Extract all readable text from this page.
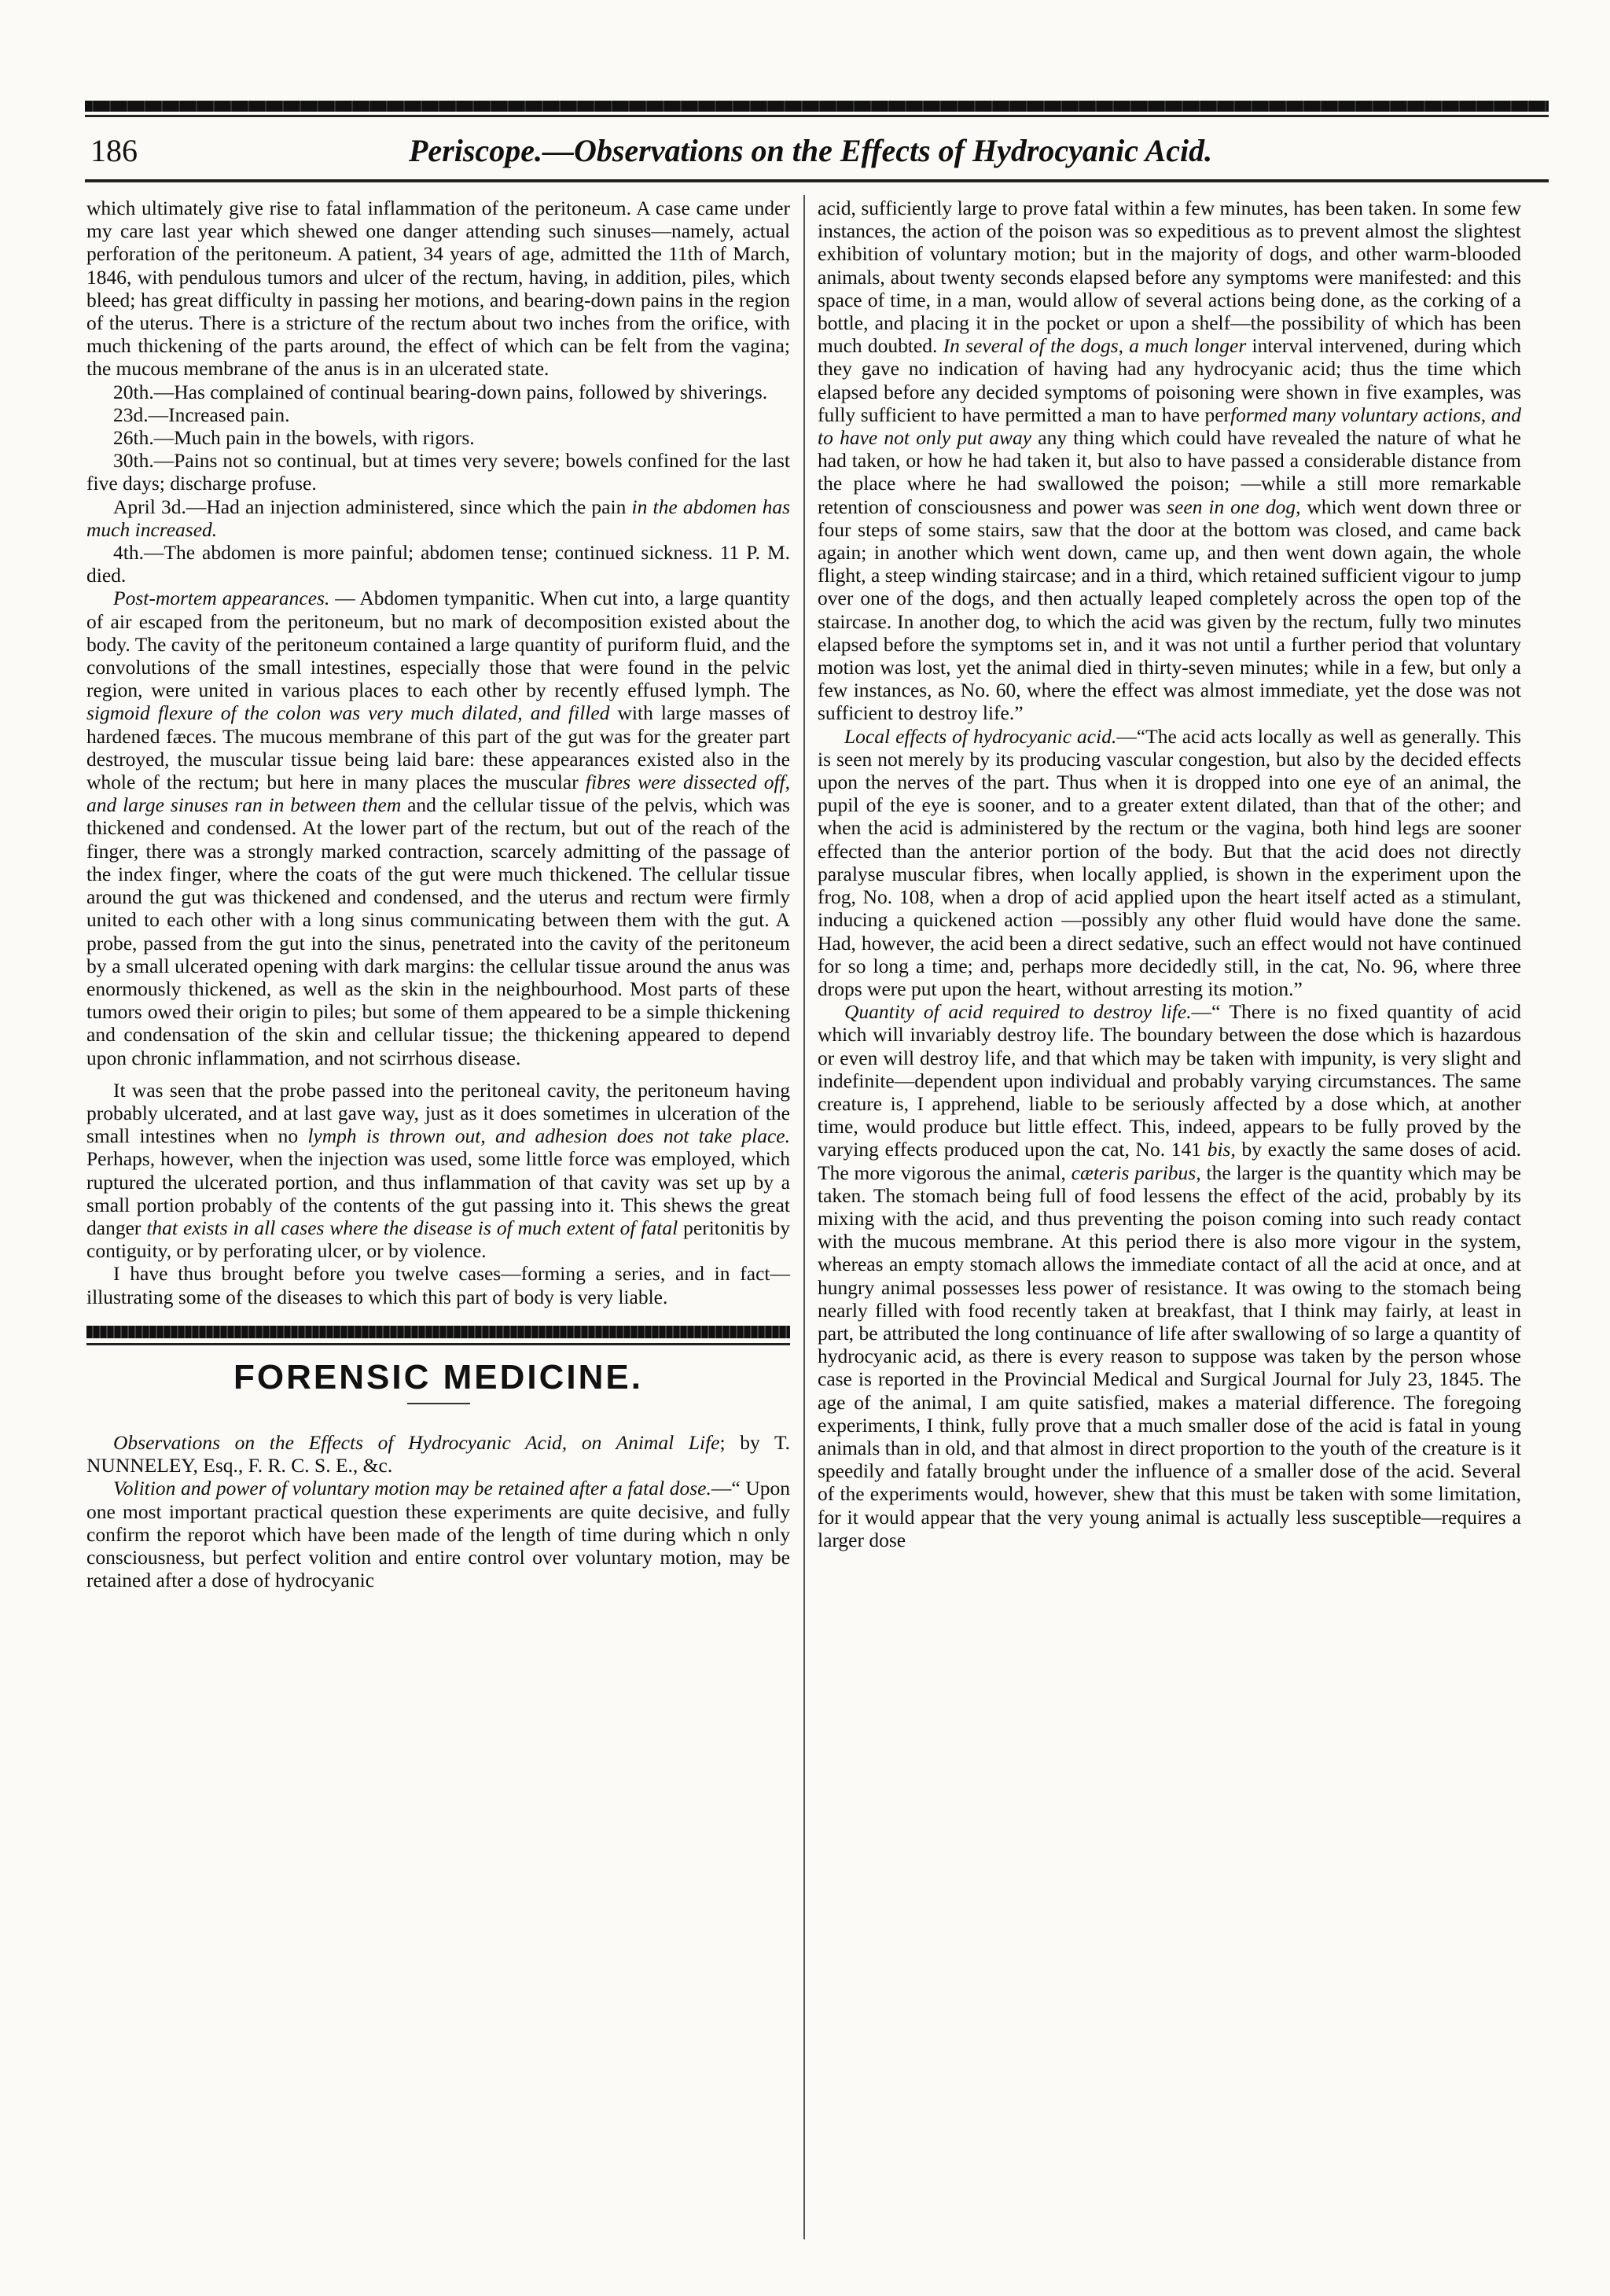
186	Periscope.—Observations on the Effects of Hydrocyanic Acid.

which ultimately give rise to fatal inflammation of the peritoneum. A case came under my care last year which shewed one danger attending such sinuses—namely, actual perforation of the peritoneum. A patient, 34 years of age, admitted the 11th of March, 1846, with pendulous tumors and ulcer of the rectum, having, in addition, piles, which bleed; has great difficulty in passing her motions, and bearing-down pains in the region of the uterus. There is a stricture of the rectum about two inches from the orifice, with much thickening of the parts around, the effect of which can be felt from the vagina; the mucous membrane of the anus is in an ulcerated state.

20th.—Has complained of continual bearing-down pains, followed by shiverings.

23d.—Increased pain.

26th.—Much pain in the bowels, with rigors.

30th.—Pains not so continual, but at times very severe; bowels confined for the last five days; discharge profuse.

April 3d.—Had an injection administered, since which the pain in the abdomen has much increased.

4th.—The abdomen is more painful; abdomen tense; continued sickness. 11 P. M. died.

Post-mortem appearances. — Abdomen tympanitic. When cut into, a large quantity of air escaped from the peritoneum, but no mark of decomposition existed about the body. The cavity of the peritoneum contained a large quantity of puriform fluid, and the convolutions of the small intestines, especially those that were found in the pelvic region, were united in various places to each other by recently effused lymph. The sigmoid flexure of the colon was very much dilated, and filled with large masses of hardened fæces. The mucous membrane of this part of the gut was for the greater part destroyed, the muscular tissue being laid bare: these appearances existed also in the whole of the rectum; but here in many places the muscular fibres were dissected off, and large sinuses ran in between them and the cellular tissue of the pelvis, which was thickened and condensed. At the lower part of the rectum, but out of the reach of the finger, there was a strongly marked contraction, scarcely admitting of the passage of the index finger, where the coats of the gut were much thickened. The cellular tissue around the gut was thickened and condensed, and the uterus and rectum were firmly united to each other with a long sinus communicating between them with the gut. A probe, passed from the gut into the sinus, penetrated into the cavity of the peritoneum by a small ulcerated opening with dark margins: the cellular tissue around the anus was enormously thickened, as well as the skin in the neighbourhood. Most parts of these tumors owed their origin to piles; but some of them appeared to be a simple thickening and condensation of the skin and cellular tissue; the thickening appeared to depend upon chronic inflammation, and not scirrhous disease.

It was seen that the probe passed into the peritoneal cavity, the peritoneum having probably ulcerated, and at last gave way, just as it does sometimes in ulceration of the small intestines when no lymph is thrown out, and adhesion does not take place. Perhaps, however, when the injection was used, some little force was employed, which ruptured the ulcerated portion, and thus inflammation of that cavity was set up by a small portion probably of the contents of the gut passing into it. This shews the great danger that exists in all cases where the disease is of much extent of fatal peritonitis by contiguity, or by perforating ulcer, or by violence.

I have thus brought before you twelve cases—forming a series, and in fact—illustrating some of the diseases to which this part of body is very liable.

FORENSIC MEDICINE.

Observations on the Effects of Hydrocyanic Acid, on Animal Life; by T. NUNNELEY, Esq., F. R. C. S. E., &c.

Volition and power of voluntary motion may be retained after a fatal dose.—“ Upon one most important practical question these experiments are quite decisive, and fully confirm the reporot which have been made of the length of time during which n only consciousness, but perfect volition and entire control over voluntary motion, may be retained after a dose of hydrocyanic

acid, sufficiently large to prove fatal within a few minutes, has been taken. In some few instances, the action of the poison was so expeditious as to prevent almost the slightest exhibition of voluntary motion; but in the majority of dogs, and other warm-blooded animals, about twenty seconds elapsed before any symptoms were manifested: and this space of time, in a man, would allow of several actions being done, as the corking of a bottle, and placing it in the pocket or upon a shelf—the possibility of which has been much doubted. In several of the dogs, a much longer interval intervened, during which they gave no indication of having had any hydrocyanic acid; thus the time which elapsed before any decided symptoms of poisoning were shown in five examples, was fully sufficient to have permitted a man to have performed many voluntary actions, and to have not only put away any thing which could have revealed the nature of what he had taken, or how he had taken it, but also to have passed a considerable distance from the place where he had swallowed the poison; —while a still more remarkable retention of consciousness and power was seen in one dog, which went down three or four steps of some stairs, saw that the door at the bottom was closed, and came back again; in another which went down, came up, and then went down again, the whole flight, a steep winding staircase; and in a third, which retained sufficient vigour to jump over one of the dogs, and then actually leaped completely across the open top of the staircase. In another dog, to which the acid was given by the rectum, fully two minutes elapsed before the symptoms set in, and it was not until a further period that voluntary motion was lost, yet the animal died in thirty-seven minutes; while in a few, but only a few instances, as No. 60, where the effect was almost immediate, yet the dose was not sufficient to destroy life.”

Local effects of hydrocyanic acid.—“The acid acts locally as well as generally. This is seen not merely by its producing vascular congestion, but also by the decided effects upon the nerves of the part. Thus when it is dropped into one eye of an animal, the pupil of the eye is sooner, and to a greater extent dilated, than that of the other; and when the acid is administered by the rectum or the vagina, both hind legs are sooner effected than the anterior portion of the body. But that the acid does not directly paralyse muscular fibres, when locally applied, is shown in the experiment upon the frog, No. 108, when a drop of acid applied upon the heart itself acted as a stimulant, inducing a quickened action —possibly any other fluid would have done the same. Had, however, the acid been a direct sedative, such an effect would not have continued for so long a time; and, perhaps more decidedly still, in the cat, No. 96, where three drops were put upon the heart, without arresting its motion.”

Quantity of acid required to destroy life.—“ There is no fixed quantity of acid which will invariably destroy life. The boundary between the dose which is hazardous or even will destroy life, and that which may be taken with impunity, is very slight and indefinite—dependent upon individual and probably varying circumstances. The same creature is, I apprehend, liable to be seriously affected by a dose which, at another time, would produce but little effect. This, indeed, appears to be fully proved by the varying effects produced upon the cat, No. 141 bis, by exactly the same doses of acid. The more vigorous the animal, cæteris paribus, the larger is the quantity which may be taken. The stomach being full of food lessens the effect of the acid, probably by its mixing with the acid, and thus preventing the poison coming into such ready contact with the mucous membrane. At this period there is also more vigour in the system, whereas an empty stomach allows the immediate contact of all the acid at once, and at hungry animal possesses less power of resistance. It was owing to the stomach being nearly filled with food recently taken at breakfast, that I think may fairly, at least in part, be attributed the long continuance of life after swallowing of so large a quantity of hydrocyanic acid, as there is every reason to suppose was taken by the person whose case is reported in the Provincial Medical and Surgical Journal for July 23, 1845. The age of the animal, I am quite satisfied, makes a material difference. The foregoing experiments, I think, fully prove that a much smaller dose of the acid is fatal in young animals than in old, and that almost in direct proportion to the youth of the creature is it speedily and fatally brought under the influence of a smaller dose of the acid. Several of the experiments would, however, shew that this must be taken with some limitation, for it would appear that the very young animal is actually less susceptible—requires a larger dose
